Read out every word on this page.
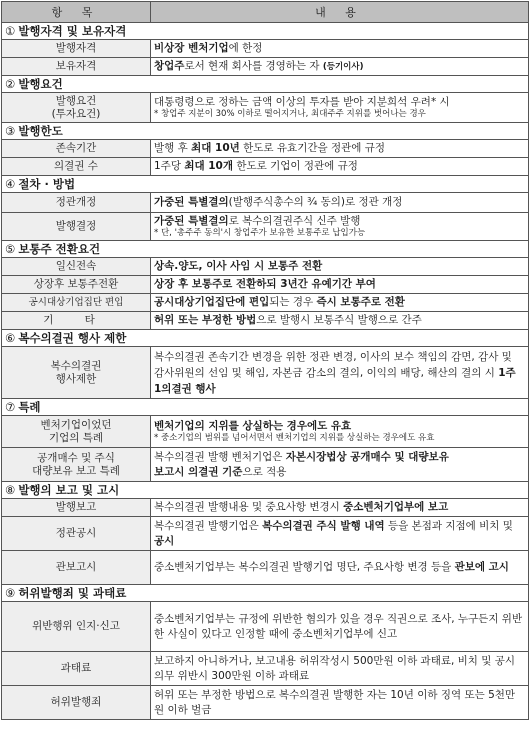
항 목	내 용
① 발행자격 및 보유자격	
발행자격	비상장 벤처기업에 한정
보유자격	창업주로서 현재 회사를 경영하는 자 (등기이사)
② 발행요건	
발행요건
(투자요건)	대통령령으로 정하는 금액 이상의 투자를 받아 지분희석 우려* 시
* 창업주 지분이 30% 이하로 떨어지거나, 최대주주 지위를 벗어나는 경우

③ 발행한도	
존속기간	발행 후 최대 10년 한도로 유효기간을 정관에 규정
의결권 수	1주당 최대 10개 한도로 기업이 정관에 규정
④ 절차 · 방법	
정관개정	가중된 특별결의(발행주식총수의 ¾ 동의)로 정관 개정
발행결정	가중된 특별결의로 복수의결권주식 신주 발행
* 단, '총주주 동의'시 창업주가 보유한 보통주로 납입가능

⑤ 보통주 전환요건	
일신전속	상속.양도, 이사 사임 시 보통주 전환
상장후 보통주전환	상장 후 보통주로 전환하되 3년간 유예기간 부여
공시대상기업집단 편입	공시대상기업집단에 편입되는 경우 즉시 보통주로 전환
기 타	허위 또는 부정한 방법으로 발행시 보통주식 발행으로 간주
⑥ 복수의결권 행사 제한	
복수의결권
행사제한	복수의결권 존속기간 변경을 위한 정관 변경, 이사의 보수 책임의 감면, 감사 및 감사위원의 선임 및 해임, 자본금 감소의 결의, 이익의 배당, 해산의 결의 시 1주 1의결권 행사
⑦ 특례	
벤처기업이었던
기업의 특례	벤처기업의 지위를 상실하는 경우에도 유효
* 중소기업의 범위를 넘어서면서 벤처기업의 지위를 상실하는 경우에도 유효

공개매수 및 주식
대량보유 보고 특례	복수의결권 발행 벤처기업은 자본시장법상 공개매수 및 대량보유
보고시 의결권 기준으로 적용
⑧ 발행의 보고 및 고시	
발행보고	복수의결권 발행내용 및 중요사항 변경시 중소벤처기업부에 보고
정관공시	복수의결권 발행기업은 복수의결권 주식 발행 내역 등을 본점과 지점에 비치 및 공시
관보고시	중소벤처기업부는 복수의결권 발행기업 명단, 주요사항 변경 등을 관보에 고시
⑨ 허위발행죄 및 과태료	
위반행위 인지·신고	중소벤처기업부는 규정에 위반한 혐의가 있을 경우 직권으로 조사, 누구든지 위반한 사실이 있다고 인정할 때에 중소벤처기업부에 신고
과태료	보고하지 아니하거나, 보고내용 허위작성시 500만원 이하 과태료, 비치 및 공시의무 위반시 300만원 이하 과태료
허위발행죄	허위 또는 부정한 방법으로 복수의결권 발행한 자는 10년 이하 징역 또는 5천만원 이하 벌금
